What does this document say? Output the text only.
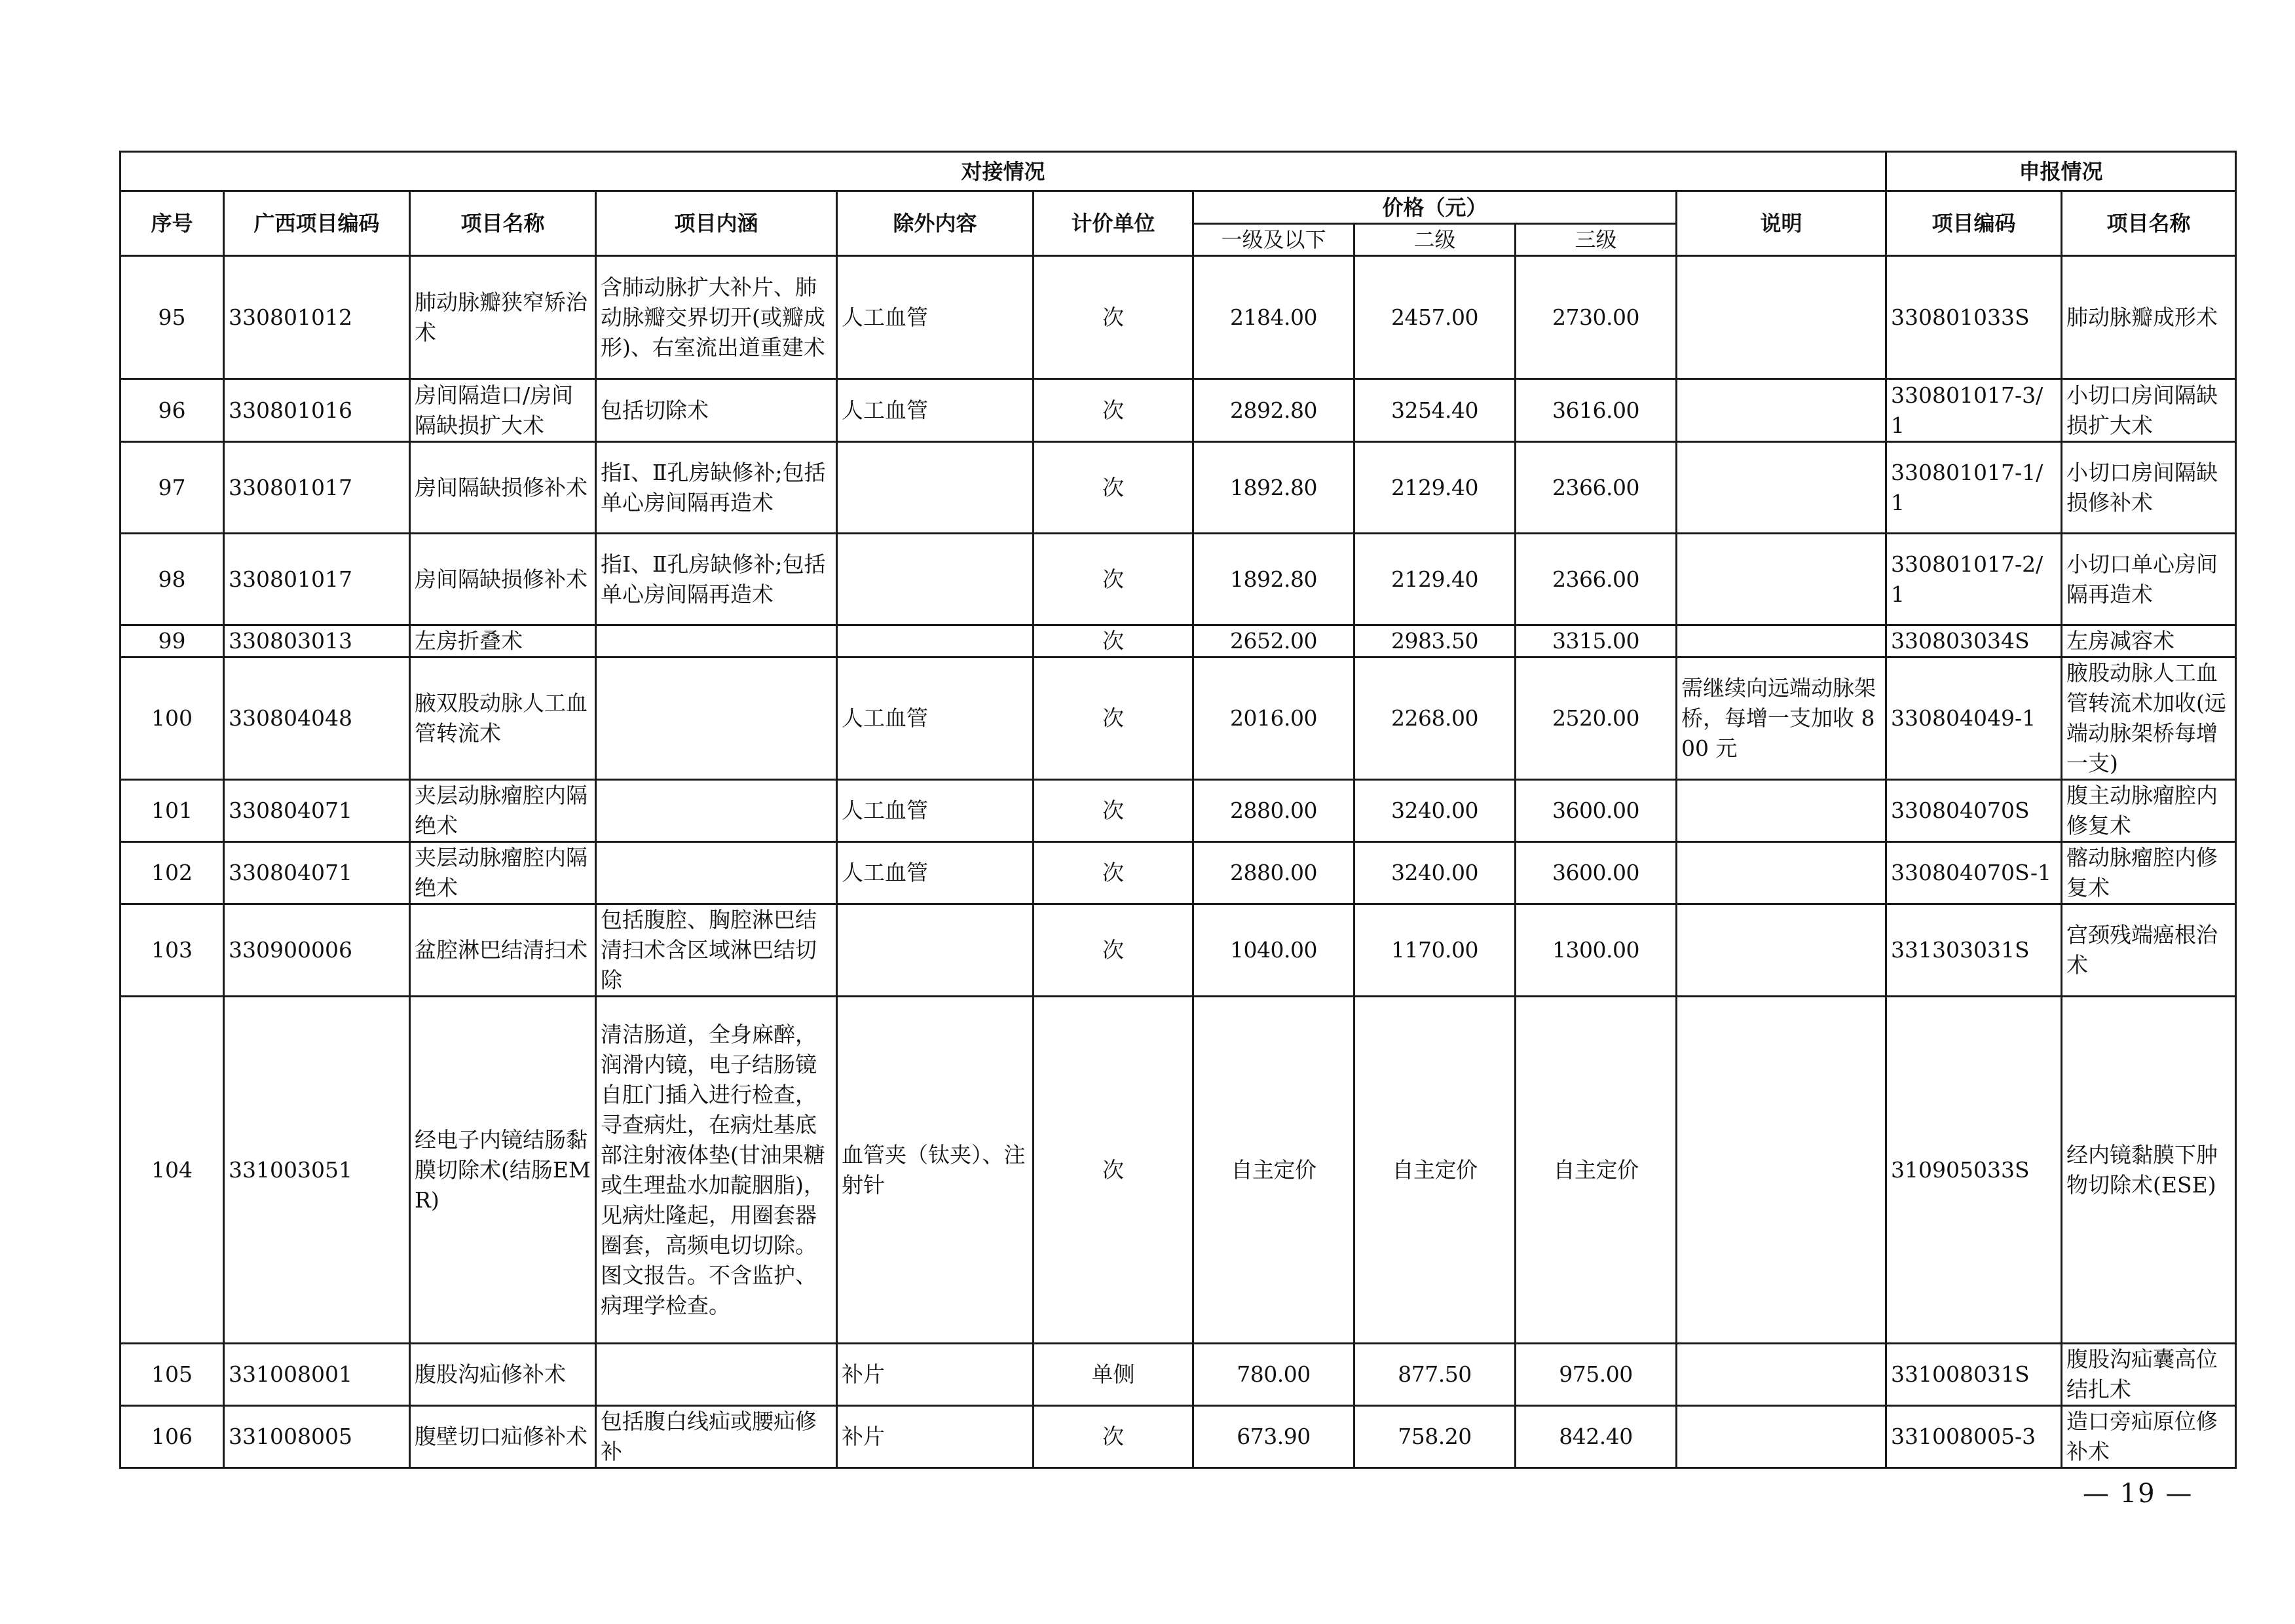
对接情况										申报情况	
序号	广西项目编码	项目名称	项目内涵	除外内容	计价单位	价格（元）			说明	项目编码	项目名称
						一级及以下	二级	三级			
95	330801012	肺动脉瓣狭窄矫治术	含肺动脉扩大补片、肺动脉瓣交界切开(或瓣成形)、右室流出道重建术	人工血管	次	2184.00	2457.00	2730.00		330801033S	肺动脉瓣成形术
96	330801016	房间隔造口/房间隔缺损扩大术	包括切除术	人工血管	次	2892.80	3254.40	3616.00		330801017-3/1	小切口房间隔缺损扩大术
97	330801017	房间隔缺损修补术	指Ⅰ、Ⅱ孔房缺修补;包括单心房间隔再造术		次	1892.80	2129.40	2366.00		330801017-1/1	小切口房间隔缺损修补术
98	330801017	房间隔缺损修补术	指Ⅰ、Ⅱ孔房缺修补;包括单心房间隔再造术		次	1892.80	2129.40	2366.00		330801017-2/1	小切口单心房间隔再造术
99	330803013	左房折叠术			次	2652.00	2983.50	3315.00		330803034S	左房减容术
100	330804048	腋双股动脉人工血管转流术		人工血管	次	2016.00	2268.00	2520.00	需继续向远端动脉架桥，每增一支加收 800 元	330804049-1	腋股动脉人工血管转流术加收(远端动脉架桥每增一支)
101	330804071	夹层动脉瘤腔内隔绝术		人工血管	次	2880.00	3240.00	3600.00		330804070S	腹主动脉瘤腔内修复术
102	330804071	夹层动脉瘤腔内隔绝术		人工血管	次	2880.00	3240.00	3600.00		330804070S-1	髂动脉瘤腔内修复术
103	330900006	盆腔淋巴结清扫术	包括腹腔、胸腔淋巴结清扫术含区域淋巴结切除		次	1040.00	1170.00	1300.00		331303031S	宫颈残端癌根治术
104	331003051	经电子内镜结肠黏膜切除术(结肠EMR)	清洁肠道，全身麻醉，润滑内镜，电子结肠镜自肛门插入进行检查，寻查病灶，在病灶基底部注射液体垫(甘油果糖或生理盐水加靛胭脂)，见病灶隆起，用圈套器圈套，高频电切切除。图文报告。不含监护、病理学检查。	血管夹（钛夹）、注射针	次	自主定价	自主定价	自主定价		310905033S	经内镜黏膜下肿物切除术(ESE)
105	331008001	腹股沟疝修补术		补片	单侧	780.00	877.50	975.00		331008031S	腹股沟疝囊高位结扎术
106	331008005	腹壁切口疝修补术	包括腹白线疝或腰疝修补	补片	次	673.90	758.20	842.40		331008005-3	造口旁疝原位修补术
— 19 —
